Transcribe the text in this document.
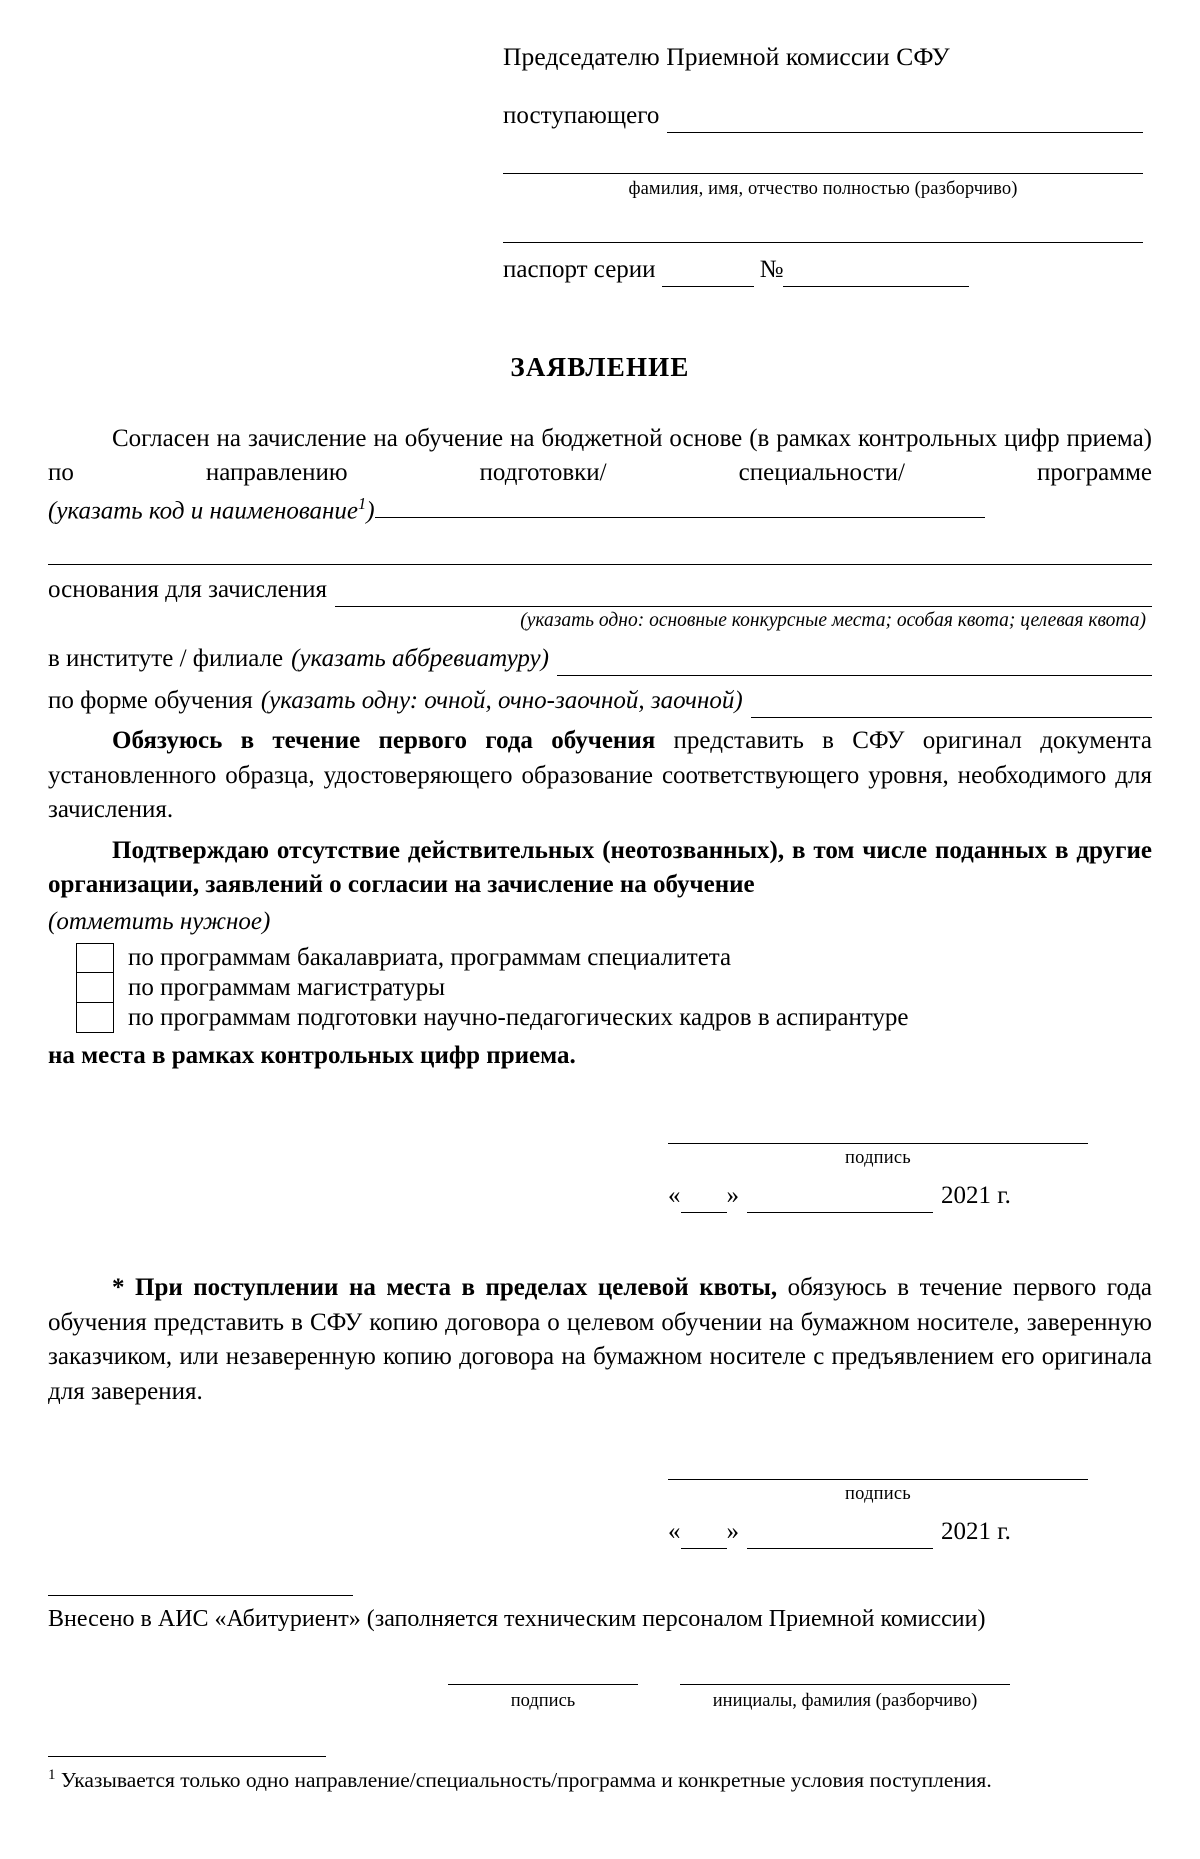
Председателю Приемной комиссии СФУ
поступающего
фамилия, имя, отчество полностью (разборчиво)
паспорт серии	№
ЗАЯВЛЕНИЕ

Согласен на зачисление на обучение на бюджетной основе (в рамках контрольных цифр приема) по направлению подготовки/ специальности/ программе

(указать код и наименование$^1$)
основания для зачисления
(указать одно: основные конкурсные места; особая квота; целевая квота)
в институте / филиале (указать аббревиатуру)
по форме обучения (указать одну: очной, очно-заочной, заочной)

Обязуюсь в течение первого года обучения представить в СФУ оригинал документа установленного образца, удостоверяющего образование соответствующего уровня, необходимого для зачисления.

Подтверждаю отсутствие действительных (неотозванных), в том числе поданных в другие организации, заявлений о согласии на зачисление на обучение

(отметить нужное)
по программам бакалавриата, программам специалитета
по программам магистратуры
по программам подготовки научно-педагогических кадров в аспирантуре
на места в рамках контрольных цифр приема.
подпись
« »	2021 г.

* При поступлении на места в пределах целевой квоты, обязуюсь в течение первого года обучения представить в СФУ копию договора о целевом обучении на бумажном носителе, заверенную заказчиком, или незаверенную копию договора на бумажном носителе с предъявлением его оригинала для заверения.

подпись
« »	2021 г.
Внесено в АИС «Абитуриент» (заполняется техническим персоналом Приемной комиссии)
подпись	инициалы, фамилия (разборчиво)
$^1$ Указывается только одно направление/специальность/программа и конкретные условия поступления.
